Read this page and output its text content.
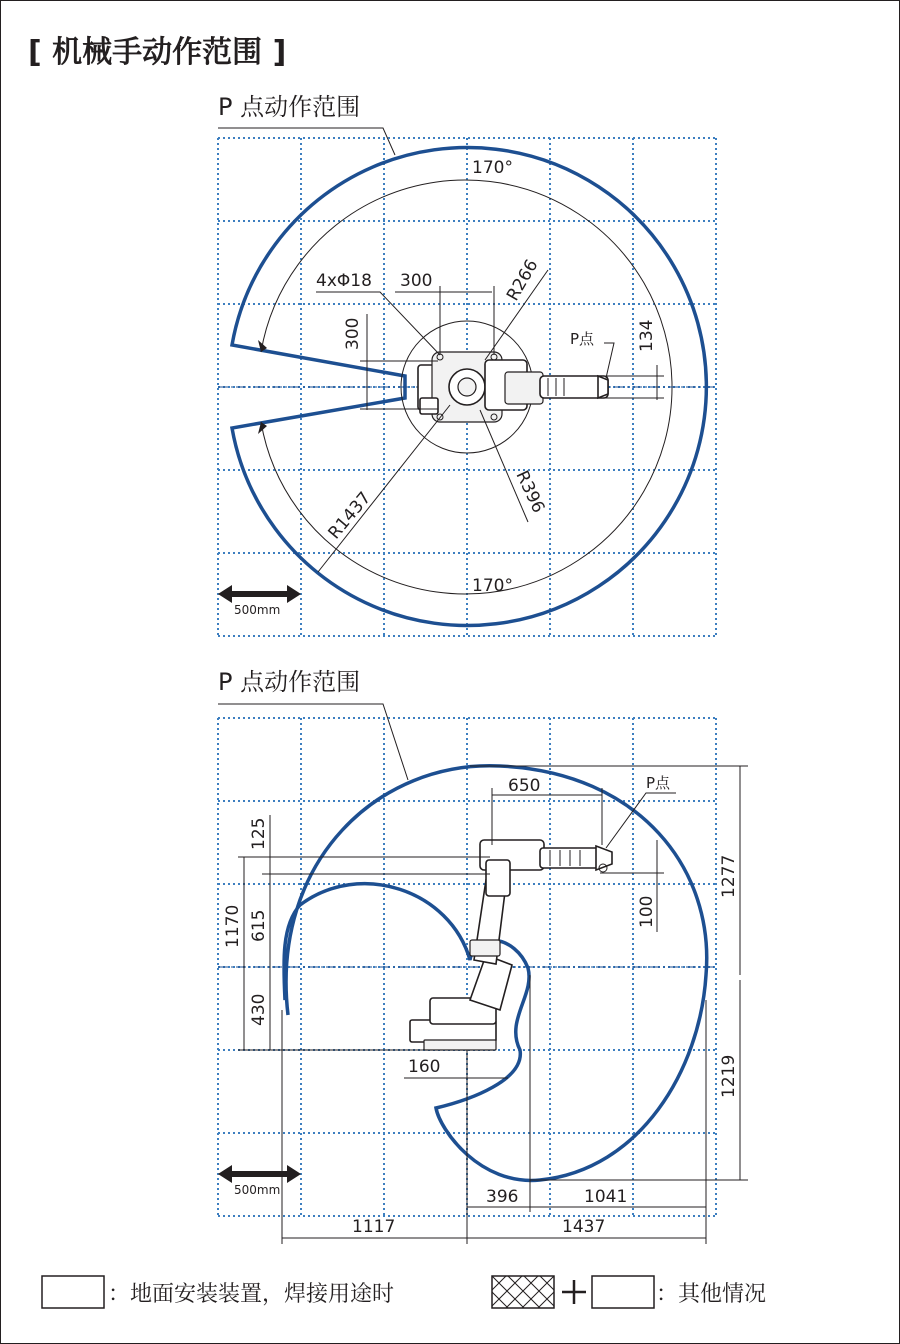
[ 机械手动作范围 ]
P 点动作范围
170°
170°
4xΦ18 300	R266
300
R396
R1437
P点	134
500mm
P 点动作范围
650	P点
125
1170 615
430
100
1277
1219
160
396	1041
1117	1437
500mm
：地面安装装置，焊接用途时	：其他情况
